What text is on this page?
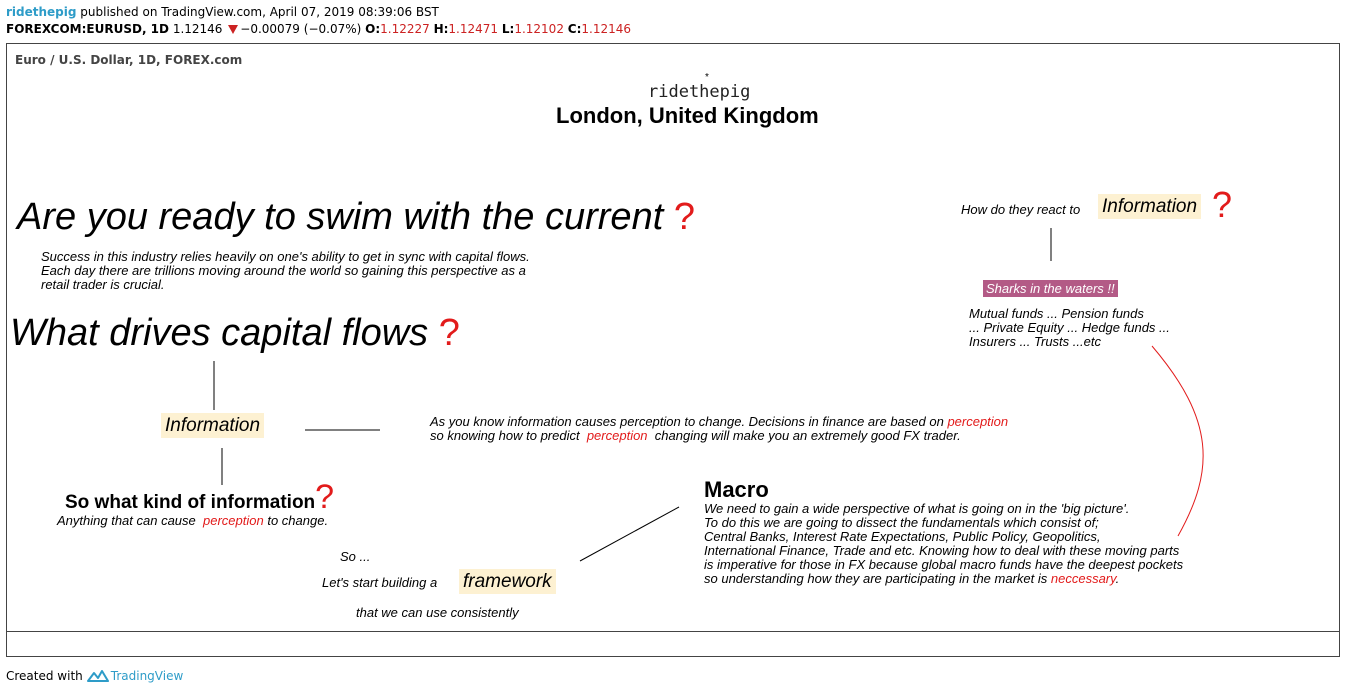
ridethepig published on TradingView.com, April 07, 2019 08:39:06 BST
FOREXCOM:EURUSD, 1D 1.12146 −0.00079 (−0.07%) O:1.12227 H:1.12471 L:1.12102 C:1.12146
Euro / U.S. Dollar, 1D, FOREX.com
*
ridethepig
London, United Kingdom
Are you ready to swim with the current ?
Success in this industry relies heavily on one's ability to get in sync with capital flows.
Each day there are trillions moving around the world so gaining this perspective as a
retail trader is crucial.
What drives capital flows ?
Information	As you know information causes perception to change. Decisions in finance are based on perception
so knowing how to predict perception changing will make you an extremely good FX trader.
So what kind of information?
Anything that can cause perception to change.
So ...
Let's start building a framework
that we can use consistently
How do they react to Information ?
Sharks in the waters !!
Mutual funds ... Pension funds
... Private Equity ... Hedge funds ...
Insurers ... Trusts ...etc
Macro
We need to gain a wide perspective of what is going on in the 'big picture'.
To do this we are going to dissect the fundamentals which consist of;
Central Banks, Interest Rate Expectations, Public Policy, Geopolitics,
International Finance, Trade and etc. Knowing how to deal with these moving parts
is imperative for those in FX because global macro funds have the deepest pockets
so understanding how they are participating in the market is neccessary.
Created with TradingView
